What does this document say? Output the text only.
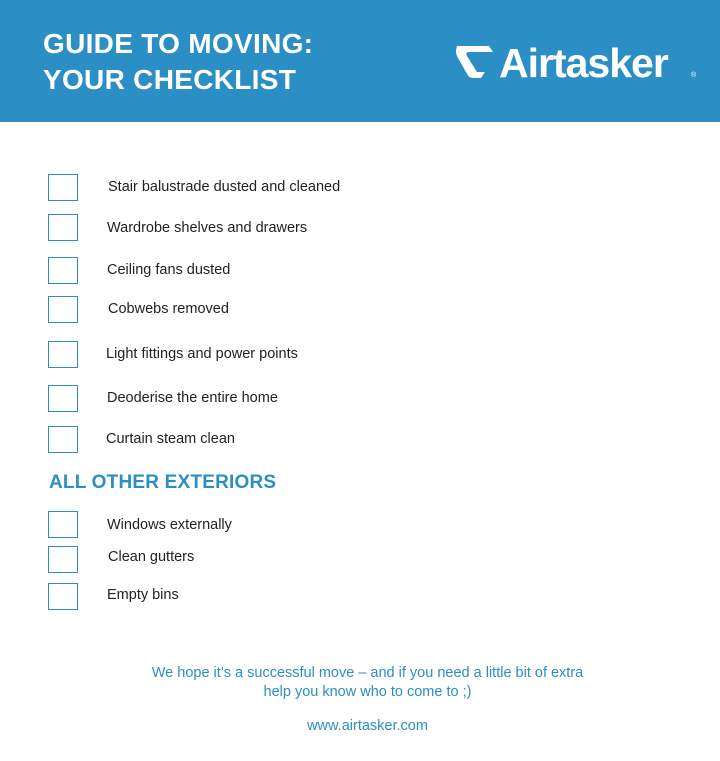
GUIDE TO MOVING:
YOUR CHECKLIST	Airtasker	®
Stair balustrade dusted and cleaned
Wardrobe shelves and drawers
Ceiling fans dusted
Cobwebs removed
Light fittings and power points
Deoderise the entire home
Curtain steam clean
ALL OTHER EXTERIORS
Windows externally
Clean gutters
Empty bins
We hope it’s a successful move – and if you need a little bit of extra
help you know who to come to ;)
www.airtasker.com
